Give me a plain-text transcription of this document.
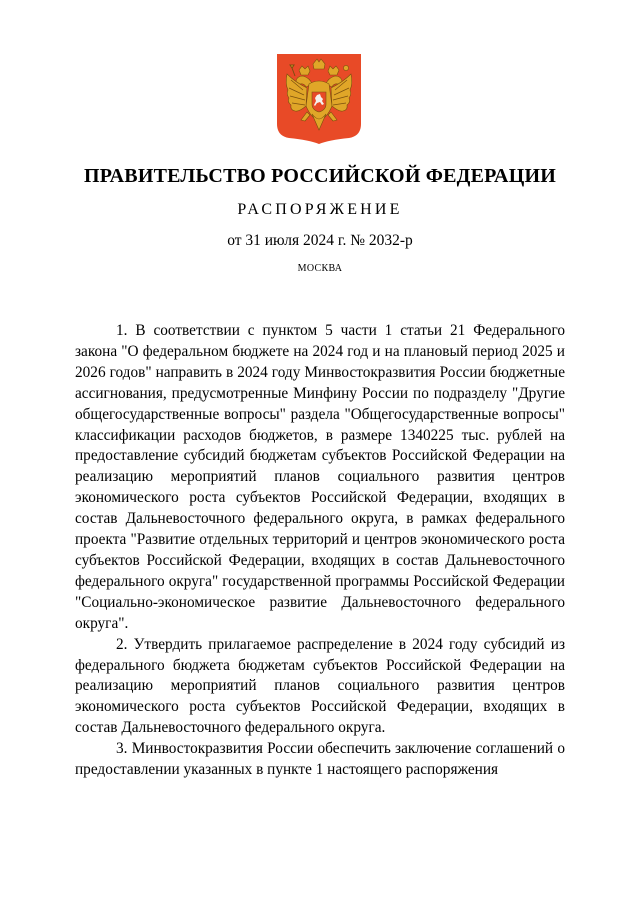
ПРАВИТЕЛЬСТВО РОССИЙСКОЙ ФЕДЕРАЦИИ
РАСПОРЯЖЕНИЕ
от 31 июля 2024 г. № 2032-р
МОСКВА

1. В соответствии с пунктом 5 части 1 статьи 21 Федерального закона "О федеральном бюджете на 2024 год и на плановый период 2025 и 2026 годов" направить в 2024 году Минвостокразвития России бюджетные ассигнования, предусмотренные Минфину России по подразделу "Другие общегосударственные вопросы" раздела "Общегосударственные вопросы" классификации расходов бюджетов, в размере 1340225 тыс. рублей на предоставление субсидий бюджетам субъектов Российской Федерации на реализацию мероприятий планов социального развития центров экономического роста субъектов Российской Федерации, входящих в состав Дальневосточного федерального округа, в рамках федерального проекта "Развитие отдельных территорий и центров экономического роста субъектов Российской Федерации, входящих в состав Дальневосточного федерального округа" государственной программы Российской Федерации "Социально-экономическое развитие Дальневосточного федерального округа".

2. Утвердить прилагаемое распределение в 2024 году субсидий из федерального бюджета бюджетам субъектов Российской Федерации на реализацию мероприятий планов социального развития центров экономического роста субъектов Российской Федерации, входящих в состав Дальневосточного федерального округа.

3. Минвостокразвития России обеспечить заключение соглашений о предоставлении указанных в пункте 1 настоящего распоряжения
